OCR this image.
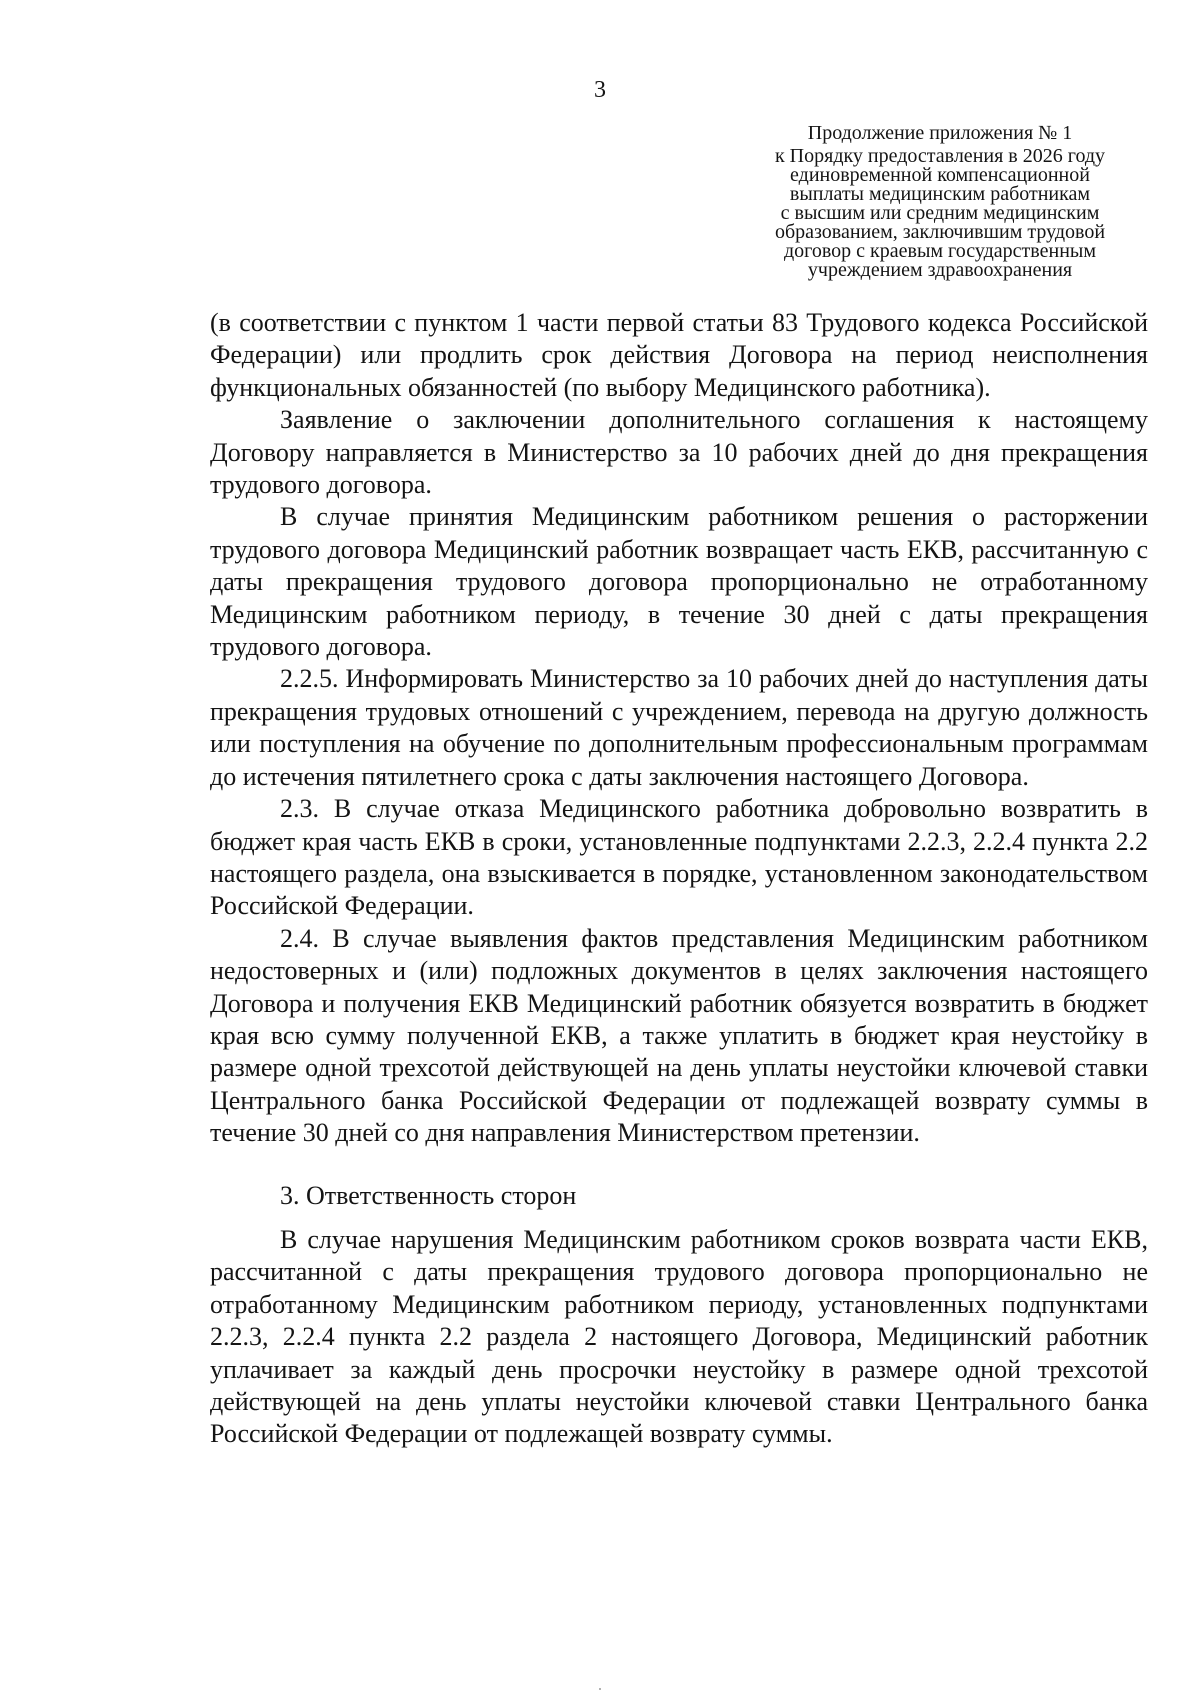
3
Продолжение приложения № 1
к Порядку предоставления в 2026 году
единовременной компенсационной
выплаты медицинским работникам
с высшим или средним медицинским
образованием, заключившим трудовой
договор с краевым государственным
учреждением здравоохранения

(в соответствии с пунктом 1 части первой статьи 83 Трудового кодекса Российской Федерации) или продлить срок действия Договора на период неисполнения функциональных обязанностей (по выбору Медицинского работника).

Заявление о заключении дополнительного соглашения к настоящему Договору направляется в Министерство за 10 рабочих дней до дня прекращения трудового договора.

В случае принятия Медицинским работником решения о расторжении трудового договора Медицинский работник возвращает часть ЕКВ, рассчитанную с даты прекращения трудового договора пропорционально не отработанному Медицинским работником периоду, в течение 30 дней с даты прекращения трудового договора.

2.2.5. Информировать Министерство за 10 рабочих дней до наступления даты прекращения трудовых отношений с учреждением, перевода на другую должность или поступления на обучение по дополнительным профессиональным программам до истечения пятилетнего срока с даты заключения настоящего Договора.

2.3. В случае отказа Медицинского работника добровольно возвратить в бюджет края часть ЕКВ в сроки, установленные подпунктами 2.2.3, 2.2.4 пункта 2.2 настоящего раздела, она взыскивается в порядке, установленном законодательством Российской Федерации.

2.4. В случае выявления фактов представления Медицинским работником недостоверных и (или) подложных документов в целях заключения настоящего Договора и получения ЕКВ Медицинский работник обязуется возвратить в бюджет края всю сумму полученной ЕКВ, а также уплатить в бюджет края неустойку в размере одной трехсотой действующей на день уплаты неустойки ключевой ставки Центрального банка Российской Федерации от подлежащей возврату суммы в течение 30 дней со дня направления Министерством претензии.

3. Ответственность сторон

В случае нарушения Медицинским работником сроков возврата части ЕКВ, рассчитанной с даты прекращения трудового договора пропорционально не отработанному Медицинским работником периоду, установленных подпунктами 2.2.3, 2.2.4 пункта 2.2 раздела 2 настоящего Договора, Медицинский работник уплачивает за каждый день просрочки неустойку в размере одной трехсотой действующей на день уплаты неустойки ключевой ставки Центрального банка Российской Федерации от подлежащей возврату суммы.
